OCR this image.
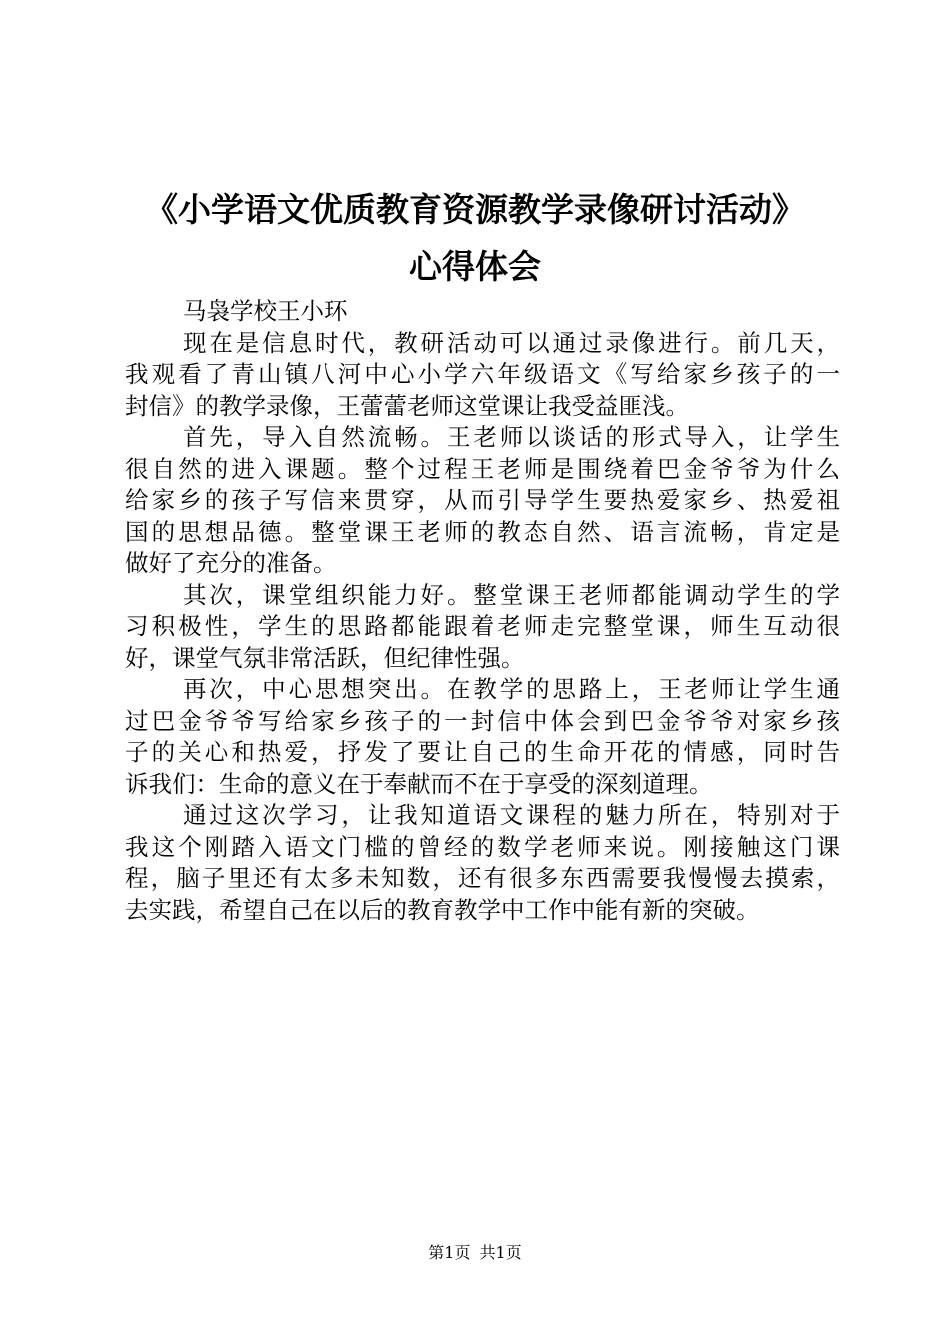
《小学语文优质教育资源教学录像研讨活动》
心得体会
马袅学校王小环
现在是信息时代，教研活动可以通过录像进行。前几天，
我观看了青山镇八河中心小学六年级语文《写给家乡孩子的一
封信》的教学录像，王蕾蕾老师这堂课让我受益匪浅。
首先，导入自然流畅。王老师以谈话的形式导入，让学生
很自然的进入课题。整个过程王老师是围绕着巴金爷爷为什么
给家乡的孩子写信来贯穿，从而引导学生要热爱家乡、热爱祖
国的思想品德。整堂课王老师的教态自然、语言流畅，肯定是
做好了充分的准备。
其次，课堂组织能力好。整堂课王老师都能调动学生的学
习积极性，学生的思路都能跟着老师走完整堂课，师生互动很
好，课堂气氛非常活跃，但纪律性强。
再次，中心思想突出。在教学的思路上，王老师让学生通
过巴金爷爷写给家乡孩子的一封信中体会到巴金爷爷对家乡孩
子的关心和热爱，抒发了要让自己的生命开花的情感，同时告
诉我们：生命的意义在于奉献而不在于享受的深刻道理。
通过这次学习，让我知道语文课程的魅力所在，特别对于
我这个刚踏入语文门槛的曾经的数学老师来说。刚接触这门课
程，脑子里还有太多未知数，还有很多东西需要我慢慢去摸索，
去实践，希望自己在以后的教育教学中工作中能有新的突破。
第1页 共1页
